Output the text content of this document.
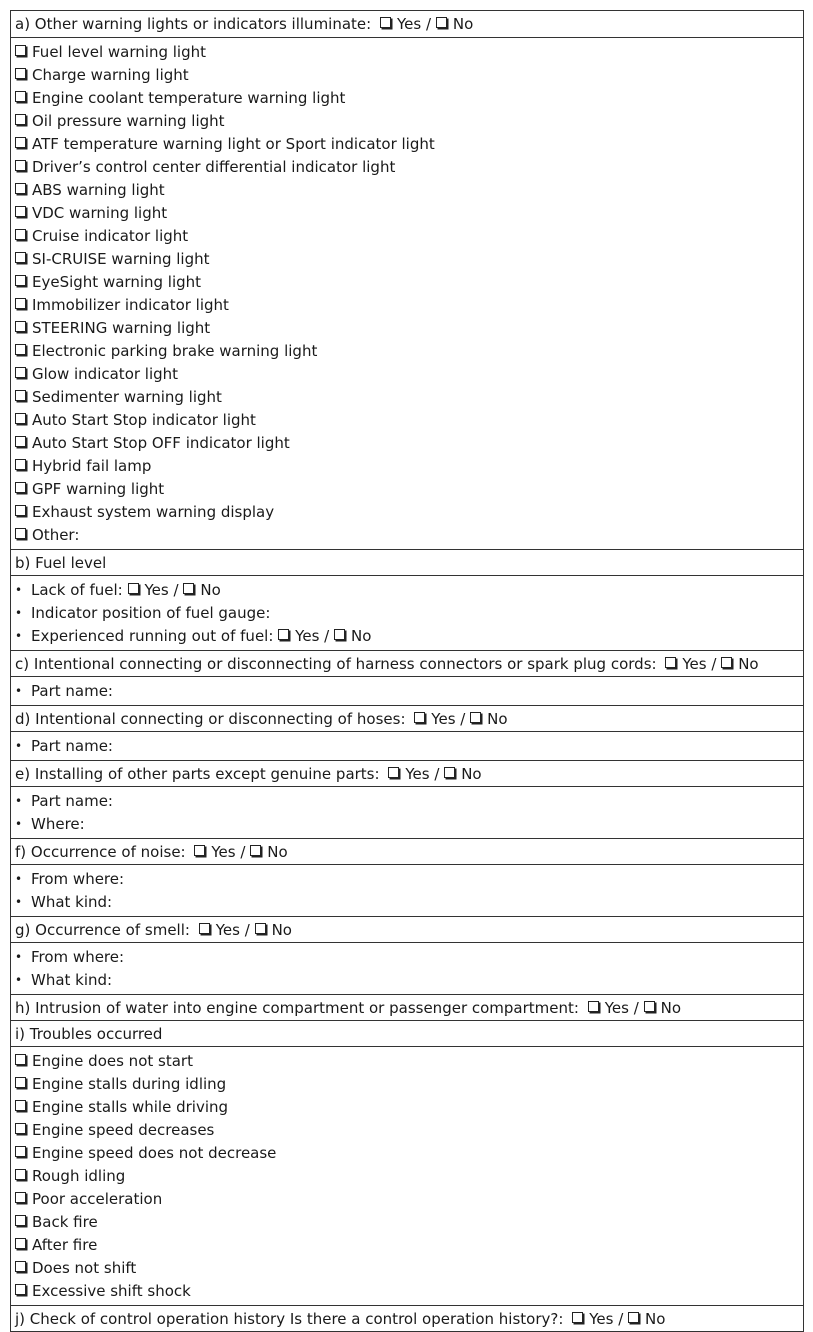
a) Other warning lights or indicators illuminate: Yes / No
Fuel level warning light
Charge warning light
Engine coolant temperature warning light
Oil pressure warning light
ATF temperature warning light or Sport indicator light
Driver’s control center differential indicator light
ABS warning light
VDC warning light
Cruise indicator light
SI-CRUISE warning light
EyeSight warning light
Immobilizer indicator light
STEERING warning light
Electronic parking brake warning light
Glow indicator light
Sedimenter warning light
Auto Start Stop indicator light
Auto Start Stop OFF indicator light
Hybrid fail lamp
GPF warning light
Exhaust system warning display
Other:
b) Fuel level
• Lack of fuel: Yes / No
• Indicator position of fuel gauge:
• Experienced running out of fuel: Yes / No
c) Intentional connecting or disconnecting of harness connectors or spark plug cords: Yes / No
• Part name:
d) Intentional connecting or disconnecting of hoses: Yes / No
• Part name:
e) Installing of other parts except genuine parts: Yes / No
• Part name:
• Where:
f) Occurrence of noise: Yes / No
• From where:
• What kind:
g) Occurrence of smell: Yes / No
• From where:
• What kind:
h) Intrusion of water into engine compartment or passenger compartment: Yes / No
i) Troubles occurred
Engine does not start
Engine stalls during idling
Engine stalls while driving
Engine speed decreases
Engine speed does not decrease
Rough idling
Poor acceleration
Back fire
After fire
Does not shift
Excessive shift shock
j) Check of control operation history Is there a control operation history?: Yes / No
